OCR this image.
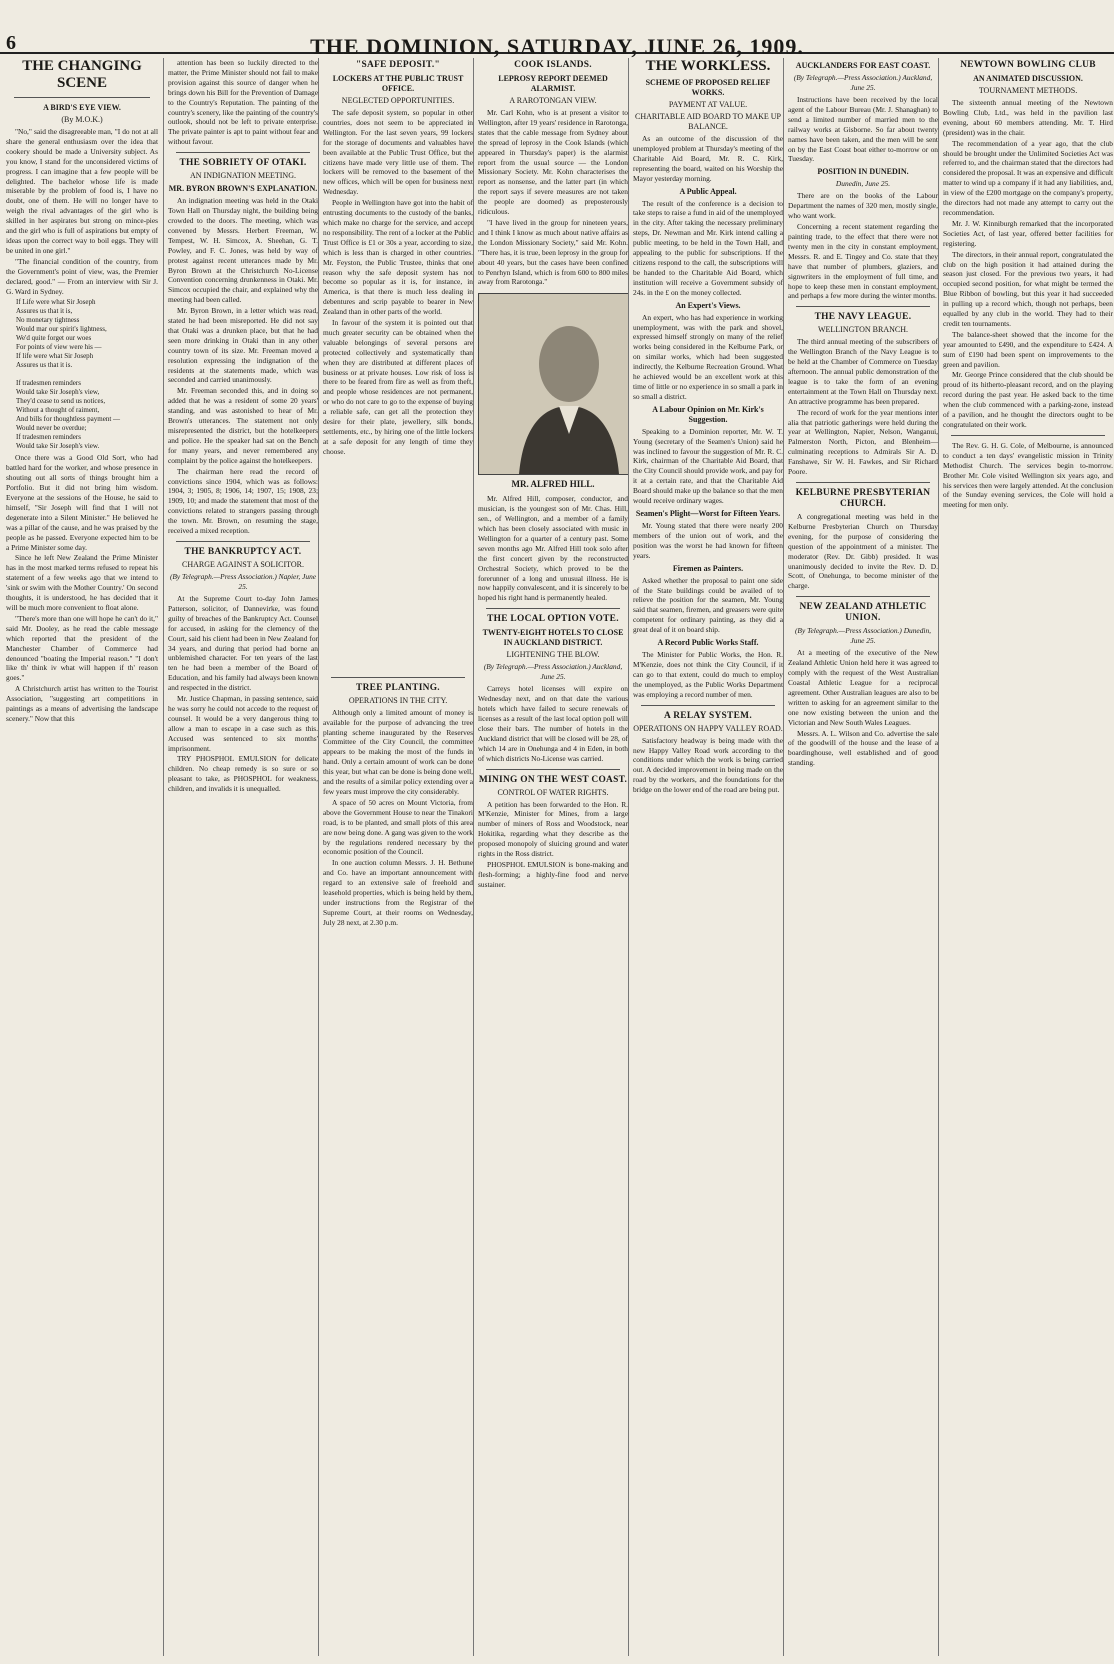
6	THE DOMINION, SATURDAY, JUNE 26, 1909.
THE CHANGING SCENE
A BIRD'S EYE VIEW.
(By M.O.K.)

"No," said the disagreeable man, "I do not at all share the general enthusiasm over the idea that cookery should be made a University subject. As you know, I stand for the unconsidered victims of progress. I can imagine that a few people will be delighted. The bachelor whose life is made miserable by the problem of food is, I have no doubt, one of them. He will no longer have to weigh the rival advantages of the girl who is skilled in her aspirates but strong on mince-pies and the girl who is full of aspirations but empty of ideas upon the correct way to boil eggs. They will be united in one girl."

"The financial condition of the country, from the Government's point of view, was, the Premier declared, good." — From an interview with Sir J. G. Ward in Sydney.

If Life were what Sir Joseph
Assures us that it is,
No monetary tightness
Would mar our spirit's lightness,
We'd quite forget our woes
For points of view were his —
If life were what Sir Joseph
Assures us that it is.

If tradesmen reminders
Would take Sir Joseph's view,
They'd cease to send us notices,
Without a thought of raiment,
And bills for thoughtless payment —
Would never be overdue;
If tradesmen reminders
Would take Sir Joseph's view.

Once there was a Good Old Sort, who had battled hard for the worker, and whose presence in shouting out all sorts of things brought him a Portfolio. But it did not bring him wisdom. Everyone at the sessions of the House, he said to himself, "Sir Joseph will find that I will not degenerate into a Silent Minister." He believed he was a pillar of the cause, and he was praised by the people as he passed. Everyone expected him to be a Prime Minister some day.

Since he left New Zealand the Prime Minister has in the most marked terms refused to repeat his statement of a few weeks ago that we intend to 'sink or swim with the Mother Country.' On second thoughts, it is understood, he has decided that it will be much more convenient to float alone.

"There's more than one will hope he can't do it," said Mr. Dooley, as he read the cable message which reported that the president of the Manchester Chamber of Commerce had denounced "boating the Imperial reason." "I don't like th' think iv what will happen if th' reason goes."

A Christchurch artist has written to the Tourist Association, "suggesting art competitions in paintings as a means of advertising the landscape scenery." Now that this

attention has been so luckily directed to the matter, the Prime Minister should not fail to make provision against this source of danger when he brings down his Bill for the Prevention of Damage to the Country's Reputation. The painting of the country's scenery, like the painting of the country's outlook, should not be left to private enterprise. The private painter is apt to paint without fear and without favour.

THE SOBRIETY OF OTAKI.
AN INDIGNATION MEETING.
MR. BYRON BROWN'S EXPLANATION.

An indignation meeting was held in the Otaki Town Hall on Thursday night, the building being crowded to the doors. The meeting, which was convened by Messrs. Herbert Freeman, W. Tempest, W. H. Simcox, A. Sheehan, G. T. Powley, and F. C. Jones, was held by way of protest against recent utterances made by Mr. Byron Brown at the Christchurch No-License Convention concerning drunkenness in Otaki. Mr. Simcox occupied the chair, and explained why the meeting had been called.

Mr. Byron Brown, in a letter which was read, stated he had been misreported. He did not say that Otaki was a drunken place, but that he had seen more drinking in Otaki than in any other country town of its size. Mr. Freeman moved a resolution expressing the indignation of the residents at the statements made, which was seconded and carried unanimously.

Mr. Freeman seconded this, and in doing so added that he was a resident of some 20 years' standing, and was astonished to hear of Mr. Brown's utterances. The statement not only misrepresented the district, but the hotelkeepers and police. He the speaker had sat on the Bench for many years, and never remembered any complaint by the police against the hotelkeepers.

The chairman here read the record of convictions since 1904, which was as follows: 1904, 3; 1905, 8; 1906, 14; 1907, 15; 1908, 23; 1909, 10; and made the statement that most of the convictions related to strangers passing through the town. Mr. Brown, on resuming the stage, received a mixed reception.

THE BANKRUPTCY ACT.
CHARGE AGAINST A SOLICITOR.
(By Telegraph.—Press Association.) Napier, June 25.

At the Supreme Court to-day John James Patterson, solicitor, of Dannevirke, was found guilty of breaches of the Bankruptcy Act. Counsel for accused, in asking for the clemency of the Court, said his client had been in New Zealand for 34 years, and during that period had borne an unblemished character. For ten years of the last ten he had been a member of the Board of Education, and his family had always been known and respected in the district.

Mr. Justice Chapman, in passing sentence, said he was sorry he could not accede to the request of counsel. It would be a very dangerous thing to allow a man to escape in a case such as this. Accused was sentenced to six months' imprisonment.

TRY PHOSPHOL EMULSION for delicate children. No cheap remedy is so sure or so pleasant to take, as PHOSPHOL for weakness, children, and invalids it is unequalled.

"SAFE DEPOSIT."
LOCKERS AT THE PUBLIC TRUST OFFICE.
NEGLECTED OPPORTUNITIES.

The safe deposit system, so popular in other countries, does not seem to be appreciated in Wellington. For the last seven years, 99 lockers for the storage of documents and valuables have been available at the Public Trust Office, but the citizens have made very little use of them. The lockers will be removed to the basement of the new offices, which will be open for business next Wednesday.

People in Wellington have got into the habit of entrusting documents to the custody of the banks, which make no charge for the service, and accept no responsibility. The rent of a locker at the Public Trust Office is £1 or 30s a year, according to size, which is less than is charged in other countries. Mr. Feyston, the Public Trustee, thinks that one reason why the safe deposit system has not become so popular as it is, for instance, in America, is that there is much less dealing in debentures and scrip payable to bearer in New Zealand than in other parts of the world.

In favour of the system it is pointed out that much greater security can be obtained when the valuable belongings of several persons are protected collectively and systematically than when they are distributed at different places of business or at private houses. Low risk of loss is there to be feared from fire as well as from theft, and people whose residences are not permanent, or who do not care to go to the expense of buying a reliable safe, can get all the protection they desire for their plate, jewellery, silk bonds, settlements, etc., by hiring one of the little lockers at a safe deposit for any length of time they choose.

TREE PLANTING.
OPERATIONS IN THE CITY.

Although only a limited amount of money is available for the purpose of advancing the tree planting scheme inaugurated by the Reserves Committee of the City Council, the committee appears to be making the most of the funds in hand. Only a certain amount of work can be done this year, but what can be done is being done well, and the results of a similar policy extending over a few years must improve the city considerably.

A space of 50 acres on Mount Victoria, from above the Government House to near the Tinakori road, is to be planted, and small plots of this area are now being done. A gang was given to the work by the regulations rendered necessary by the economic position of the Council.

In one auction column Messrs. J. H. Bethune and Co. have an important announcement with regard to an extensive sale of freehold and leasehold properties, which is being held by them, under instructions from the Registrar of the Supreme Court, at their rooms on Wednesday, July 28 next, at 2.30 p.m.

COOK ISLANDS.
LEPROSY REPORT DEEMED ALARMIST.
A RAROTONGAN VIEW.

Mr. Carl Kohn, who is at present a visitor to Wellington, after 19 years' residence in Rarotonga, states that the cable message from Sydney about the spread of leprosy in the Cook Islands (which appeared in Thursday's paper) is the alarmist report from the usual source — the London Missionary Society. Mr. Kohn characterises the report as nonsense, and the latter part (in which the report says if severe measures are not taken the people are doomed) as preposterously ridiculous.

"I have lived in the group for nineteen years, and I think I know as much about native affairs as the London Missionary Society," said Mr. Kohn. "There has, it is true, been leprosy in the group for about 40 years, but the cases have been confined to Penrhyn Island, which is from 600 to 800 miles away from Rarotonga."

MR. ALFRED HILL.

Mr. Alfred Hill, composer, conductor, and musician, is the youngest son of Mr. Chas. Hill, sen., of Wellington, and a member of a family which has been closely associated with music in Wellington for a quarter of a century past. Some seven months ago Mr. Alfred Hill took solo after the first concert given by the reconstructed Orchestral Society, which proved to be the forerunner of a long and unusual illness. He is now happily convalescent, and it is sincerely to be hoped his right hand is permanently healed.

THE LOCAL OPTION VOTE.
TWENTY-EIGHT HOTELS TO CLOSE IN AUCKLAND DISTRICT.
LIGHTENING THE BLOW.
(By Telegraph.—Press Association.) Auckland, June 25.

Carreys hotel licenses will expire on Wednesday next, and on that date the various hotels which have failed to secure renewals of licenses as a result of the last local option poll will close their bars. The number of hotels in the Auckland district that will be closed will be 28, of which 14 are in Onehunga and 4 in Eden, in both of which districts No-License was carried.

MINING ON THE WEST COAST.
CONTROL OF WATER RIGHTS.

A petition has been forwarded to the Hon. R. M'Kenzie, Minister for Mines, from a large number of miners of Ross and Woodstock, near Hokitika, regarding what they describe as the proposed monopoly of sluicing ground and water rights in the Ross district.

PHOSPHOL EMULSION is bone-making and flesh-forming; a highly-fine food and nerve sustainer.

THE WORKLESS.
SCHEME OF PROPOSED RELIEF WORKS.
PAYMENT AT VALUE.
CHARITABLE AID BOARD TO MAKE UP BALANCE.

As an outcome of the discussion of the unemployed problem at Thursday's meeting of the Charitable Aid Board, Mr. R. C. Kirk, representing the board, waited on his Worship the Mayor yesterday morning.

A Public Appeal.

The result of the conference is a decision to take steps to raise a fund in aid of the unemployed in the city. After taking the necessary preliminary steps, Dr. Newman and Mr. Kirk intend calling a public meeting, to be held in the Town Hall, and appealing to the public for subscriptions. If the citizens respond to the call, the subscriptions will be handed to the Charitable Aid Board, which institution will receive a Government subsidy of 24s. in the £ on the money collected.

An Expert's Views.

An expert, who has had experience in working unemployment, was with the park and shovel, expressed himself strongly on many of the relief works being considered in the Kelburne Park, or on similar works, which had been suggested indirectly, the Kelburne Recreation Ground. What he achieved would be an excellent work at this time of little or no experience in so small a park in so small a district.

A Labour Opinion on Mr. Kirk's Suggestion.

Speaking to a Dominion reporter, Mr. W. T. Young (secretary of the Seamen's Union) said he was inclined to favour the suggestion of Mr. R. C. Kirk, chairman of the Charitable Aid Board, that the City Council should provide work, and pay for it at a certain rate, and that the Charitable Aid Board should make up the balance so that the men would receive ordinary wages.

Seamen's Plight—Worst for Fifteen Years.

Mr. Young stated that there were nearly 200 members of the union out of work, and the position was the worst he had known for fifteen years.

Firemen as Painters.

Asked whether the proposal to paint one side of the State buildings could be availed of to relieve the position for the seamen, Mr. Young said that seamen, firemen, and greasers were quite competent for ordinary painting, as they did a great deal of it on board ship.

A Record Public Works Staff.

The Minister for Public Works, the Hon. R. M'Kenzie, does not think the City Council, if it can go to that extent, could do much to employ the unemployed, as the Public Works Department was employing a record number of men.

A RELAY SYSTEM.
OPERATIONS ON HAPPY VALLEY ROAD.

Satisfactory headway is being made with the new Happy Valley Road work according to the conditions under which the work is being carried out. A decided improvement in being made on the road by the workers, and the foundations for the bridge on the lower end of the road are being put.

AUCKLANDERS FOR EAST COAST.
(By Telegraph.—Press Association.) Auckland, June 25.

Instructions have been received by the local agent of the Labour Bureau (Mr. J. Shanaghan) to send a limited number of married men to the railway works at Gisborne. So far about twenty names have been taken, and the men will be sent on by the East Coast boat either to-morrow or on Tuesday.

POSITION IN DUNEDIN.
Dunedin, June 25.

There are on the books of the Labour Department the names of 320 men, mostly single, who want work.

Concerning a recent statement regarding the painting trade, to the effect that there were not twenty men in the city in constant employment, Messrs. R. and E. Tingey and Co. state that they have that number of plumbers, glaziers, and signwriters in the employment of full time, and hope to keep these men in constant employment, and perhaps a few more during the winter months.

THE NAVY LEAGUE.
WELLINGTON BRANCH.

The third annual meeting of the subscribers of the Wellington Branch of the Navy League is to be held at the Chamber of Commerce on Tuesday afternoon. The annual public demonstration of the league is to take the form of an evening entertainment at the Town Hall on Thursday next. An attractive programme has been prepared.

The record of work for the year mentions inter alia that patriotic gatherings were held during the year at Wellington, Napier, Nelson, Wanganui, Palmerston North, Picton, and Blenheim—culminating receptions to Admirals Sir A. D. Fanshawe, Sir W. H. Fawkes, and Sir Richard Poore.

KELBURNE PRESBYTERIAN CHURCH.

A congregational meeting was held in the Kelburne Presbyterian Church on Thursday evening, for the purpose of considering the question of the appointment of a minister. The moderator (Rev. Dr. Gibb) presided. It was unanimously decided to invite the Rev. D. D. Scott, of Onehunga, to become minister of the charge.

NEW ZEALAND ATHLETIC UNION.
(By Telegraph.—Press Association.) Dunedin, June 25.

At a meeting of the executive of the New Zealand Athletic Union held here it was agreed to comply with the request of the West Australian Coastal Athletic League for a reciprocal agreement. Other Australian leagues are also to be written to asking for an agreement similar to the one now existing between the union and the Victorian and New South Wales Leagues.

Messrs. A. L. Wilson and Co. advertise the sale of the goodwill of the house and the lease of a boardinghouse, well established and of good standing.

NEWTOWN BOWLING CLUB
AN ANIMATED DISCUSSION.
TOURNAMENT METHODS.

The sixteenth annual meeting of the Newtown Bowling Club, Ltd., was held in the pavilion last evening, about 60 members attending. Mr. T. Hird (president) was in the chair.

The recommendation of a year ago, that the club should be brought under the Unlimited Societies Act was referred to, and the chairman stated that the directors had considered the proposal. It was an expensive and difficult matter to wind up a company if it had any liabilities, and, in view of the £200 mortgage on the company's property, the directors had not made any attempt to carry out the recommendation.

Mr. J. W. Kinniburgh remarked that the incorporated Societies Act, of last year, offered better facilities for registering.

The directors, in their annual report, congratulated the club on the high position it had attained during the season just closed. For the previous two years, it had occupied second position, for what might be termed the Blue Ribbon of bowling, but this year it had succeeded in pulling up a record which, though not perhaps, been equalled by any club in the world. They had to their credit ten tournaments.

The balance-sheet showed that the income for the year amounted to £490, and the expenditure to £424. A sum of £190 had been spent on improvements to the green and pavilion.

Mr. George Prince considered that the club should be proud of its hitherto-pleasant record, and on the playing record during the past year. He asked back to the time when the club commenced with a parking-zone, instead of a pavilion, and he thought the directors ought to be congratulated on their work.

The Rev. G. H. G. Cole, of Melbourne, is announced to conduct a ten days' evangelistic mission in Trinity Methodist Church. The services begin to-morrow. Brother Mr. Cole visited Wellington six years ago, and his services then were largely attended. At the conclusion of the Sunday evening services, the Cole will hold a meeting for men only.
